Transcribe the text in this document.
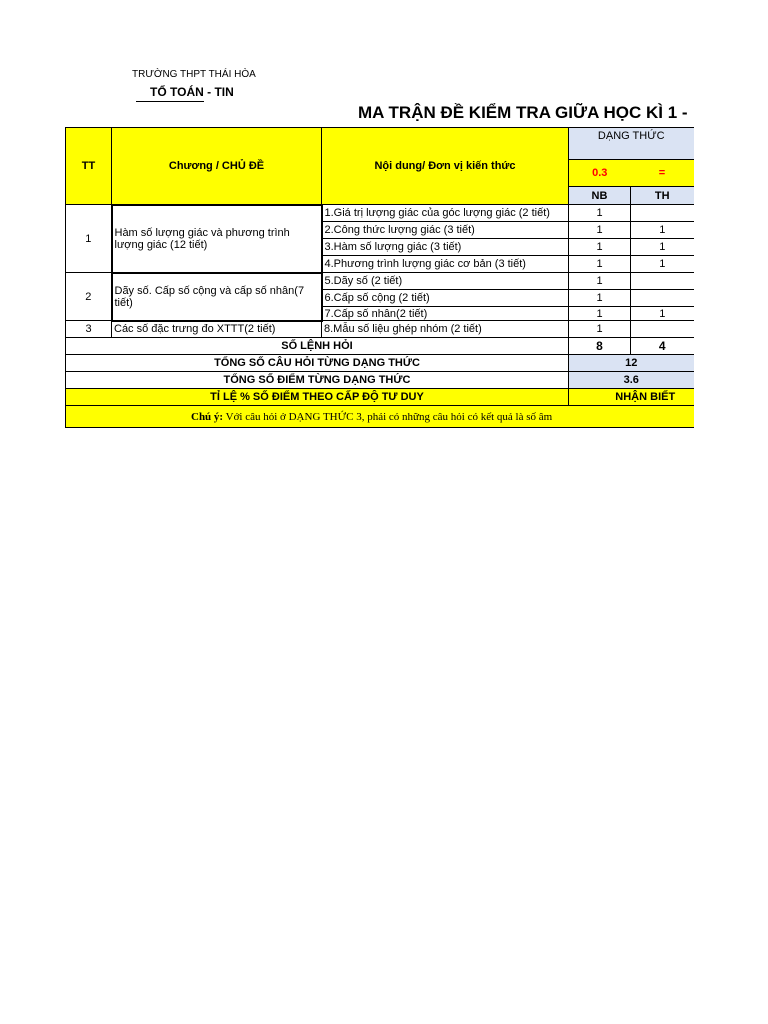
TRƯỜNG THPT THÁI HÒA
TỔ TOÁN - TIN
MA TRẬN ĐỀ KIỂM TRA GIỮA HỌC KÌ 1 -
TT	Chương / CHỦ ĐỀ	Nội dung/ Đơn vị kiến thức	DẠNG THỨC	
			0.3	=
			NB	TH
1	Hàm số lượng giác và phương trình lượng giác (12 tiết)	1.Giá trị lượng giác của góc lượng giác (2 tiết)	1	
		2.Công thức lượng giác (3 tiết)	1	1
		3.Hàm số lượng giác (3 tiết)	1	1
		4.Phương trình lượng giác cơ bản (3 tiết)	1	1
2	Dãy số. Cấp số cộng và cấp số nhân(7 tiết)	5.Dãy số (2 tiết)	1	
		6.Cấp số cộng (2 tiết)	1	
		7.Cấp số nhân(2 tiết)	1	1
3	Các số đặc trưng đo XTTT(2 tiết)	8.Mẫu số liệu ghép nhóm (2 tiết)	1	
SỐ LỆNH HỎI			8	4
TỔNG SỐ CÂU HỎI TỪNG DẠNG THỨC			12	
TỔNG SỐ ĐIỂM TỪNG DẠNG THỨC			3.6	
TỈ LỆ % SỐ ĐIỂM THEO CẤP ĐỘ TƯ DUY			NHẬN BIẾT	
Chú ý: Với câu hỏi ở DẠNG THỨC 3, phải có những câu hỏi có kết quả là số âm				
